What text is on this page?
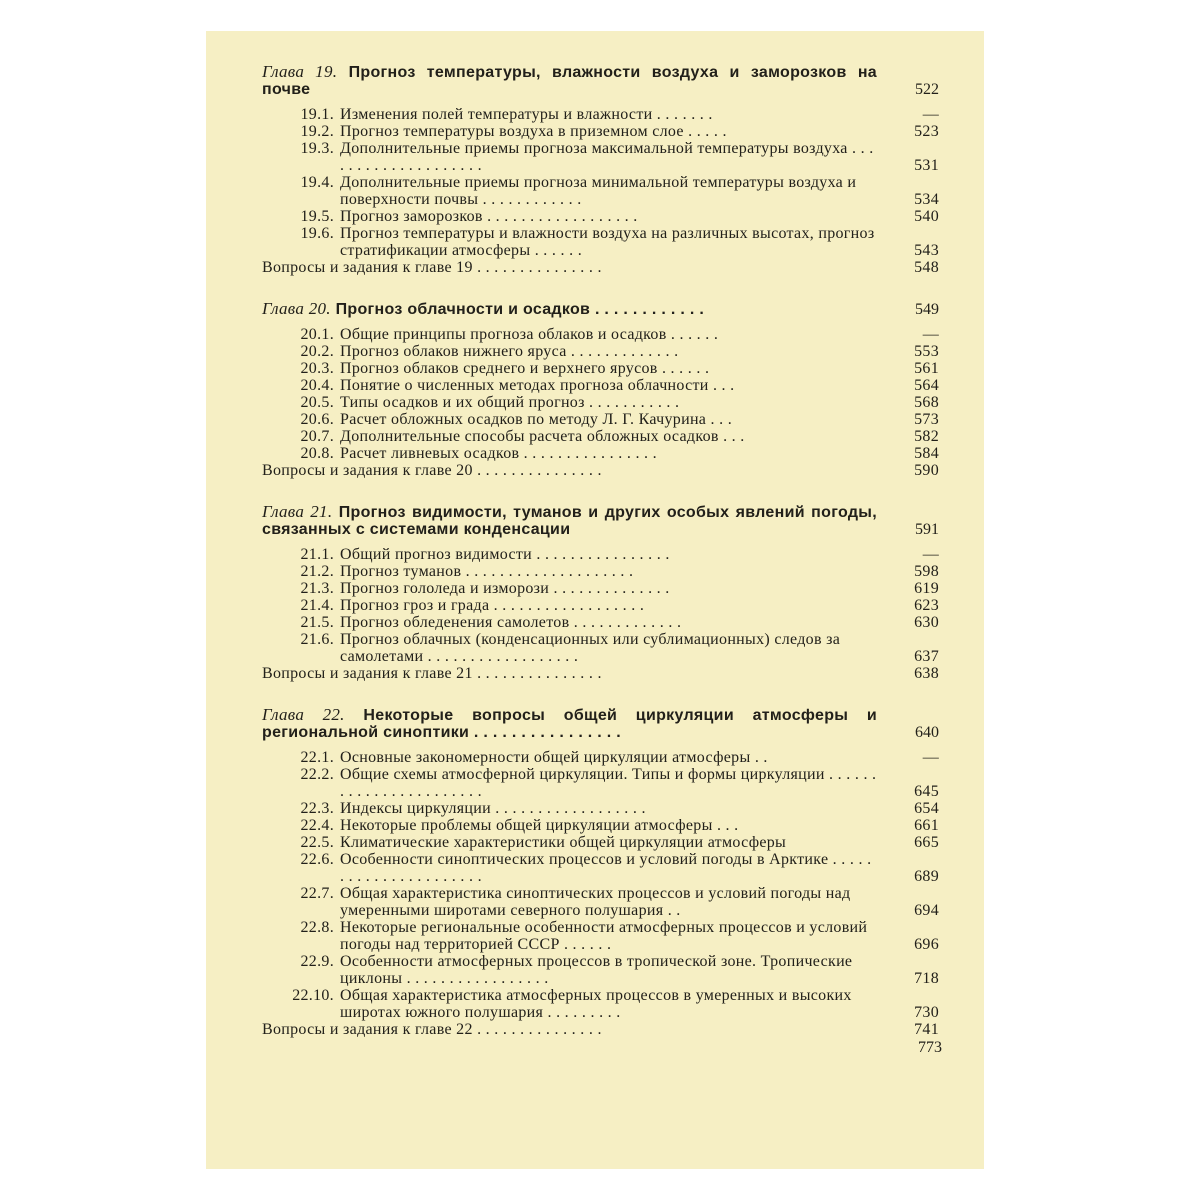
Глава 19. Прогноз температуры, влажности воздуха и заморозков на почве	522
19.1. Изменения полей температуры и влажности . . . . . . .	—
19.2. Прогноз температуры воздуха в приземном слое . . . . .	523
19.3. Дополнительные приемы прогноза максимальной температуры воздуха . . . . . . . . . . . . . . . . . . . .	531
19.4. Дополнительные приемы прогноза минимальной температуры воздуха и поверхности почвы . . . . . . . . . . . .	534
19.5. Прогноз заморозков . . . . . . . . . . . . . . . . . .	540
19.6. Прогноз температуры и влажности воздуха на различных высотах, прогноз стратификации атмосферы . . . . . .	543
Вопросы и задания к главе 19 . . . . . . . . . . . . . . .	548
Глава 20. Прогноз облачности и осадков . . . . . . . . . . . .	549
20.1. Общие принципы прогноза облаков и осадков . . . . . .	—
20.2. Прогноз облаков нижнего яруса . . . . . . . . . . . . .	553
20.3. Прогноз облаков среднего и верхнего ярусов . . . . . .	561
20.4. Понятие о численных методах прогноза облачности . . .	564
20.5. Типы осадков и их общий прогноз . . . . . . . . . . .	568
20.6. Расчет обложных осадков по методу Л. Г. Качурина . . .	573
20.7. Дополнительные способы расчета обложных осадков . . .	582
20.8. Расчет ливневых осадков . . . . . . . . . . . . . . . .	584
Вопросы и задания к главе 20 . . . . . . . . . . . . . . .	590
Глава 21. Прогноз видимости, туманов и других особых явлений погоды, связанных с системами конденсации	591
21.1. Общий прогноз видимости . . . . . . . . . . . . . . . .	—
21.2. Прогноз туманов . . . . . . . . . . . . . . . . . . . .	598
21.3. Прогноз гололеда и изморози . . . . . . . . . . . . . .	619
21.4. Прогноз гроз и града . . . . . . . . . . . . . . . . . .	623
21.5. Прогноз обледенения самолетов . . . . . . . . . . . . .	630
21.6. Прогноз облачных (конденсационных или сублимационных) следов за самолетами . . . . . . . . . . . . . . . . . .	637
Вопросы и задания к главе 21 . . . . . . . . . . . . . . .	638
Глава 22. Некоторые вопросы общей циркуляции атмосферы и региональной синоптики . . . . . . . . . . . . . . . .	640
22.1. Основные закономерности общей циркуляции атмосферы . .	—
22.2. Общие схемы атмосферной циркуляции. Типы и формы циркуляции . . . . . . . . . . . . . . . . . . . . . . .	645
22.3. Индексы циркуляции . . . . . . . . . . . . . . . . . .	654
22.4. Некоторые проблемы общей циркуляции атмосферы . . .	661
22.5. Климатические характеристики общей циркуляции атмосферы	665
22.6. Особенности синоптических процессов и условий погоды в Арктике . . . . . . . . . . . . . . . . . . . . . .	689
22.7. Общая характеристика синоптических процессов и условий погоды над умеренными широтами северного полушария . .	694
22.8. Некоторые региональные особенности атмосферных процессов и условий погоды над территорией СССР . . . . . .	696
22.9. Особенности атмосферных процессов в тропической зоне. Тропические циклоны . . . . . . . . . . . . . . . . .	718
22.10. Общая характеристика атмосферных процессов в умеренных и высоких широтах южного полушария . . . . . . . . .	730
Вопросы и задания к главе 22 . . . . . . . . . . . . . . .	741
773
